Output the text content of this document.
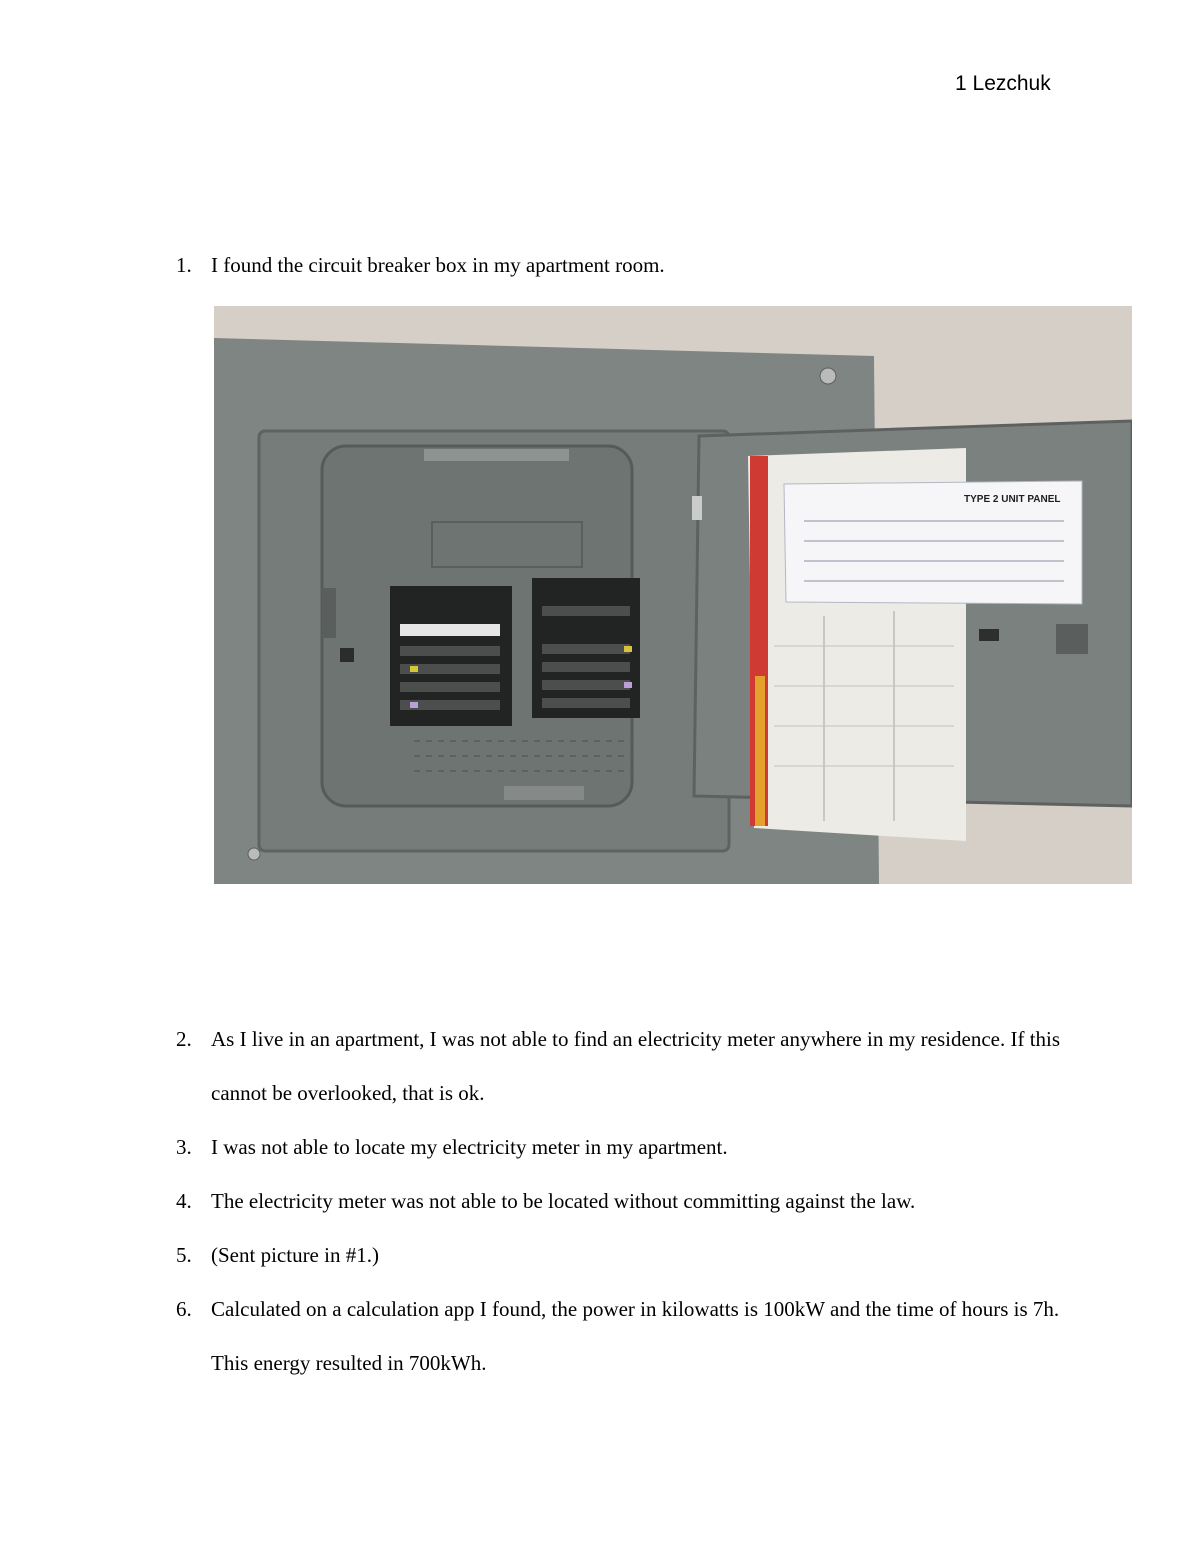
1 Lezchuk
1. I found the circuit breaker box in my apartment room.
TYPE 2 UNIT PANEL
2. As I live in an apartment, I was not able to find an electricity meter anywhere in my residence. If this cannot be overlooked, that is ok.
3. I was not able to locate my electricity meter in my apartment.
4. The electricity meter was not able to be located without committing against the law.
5. (Sent picture in #1.)
6. Calculated on a calculation app I found, the power in kilowatts is 100kW and the time of hours is 7h. This energy resulted in 700kWh.
